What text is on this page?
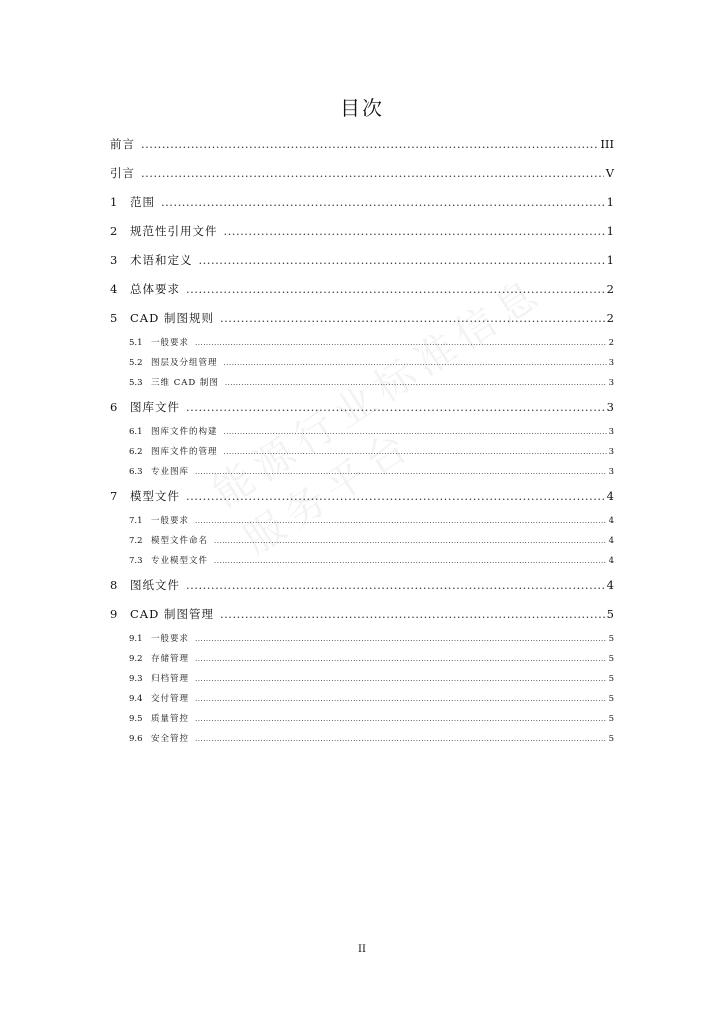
能源行业标准信息服务平台
目次
前言 .....	III
引言 .....	V
1	范围 .....	1
2	规范性引用文件 .....	1
3	术语和定义 .....	1
4	总体要求 .....	2
5	CAD 制图规则 .....	2
5.1 一般要求 .....	2
5.2 图层及分组管理 .....	3
5.3 三维 CAD 制图 .....	3
6	图库文件 .....	3
6.1 图库文件的构建 .....	3
6.2 图库文件的管理 .....	3
6.3 专业图库 .....	3
7	模型文件 .....	4
7.1 一般要求 .....	4
7.2 模型文件命名 .....	4
7.3 专业模型文件 .....	4
8	图纸文件 .....	4
9	CAD 制图管理 .....	5
9.1 一般要求 .....	5
9.2 存储管理 .....	5
9.3 归档管理 .....	5
9.4 交付管理 .....	5
9.5 质量管控 .....	5
9.6 安全管控 .....	5
II
